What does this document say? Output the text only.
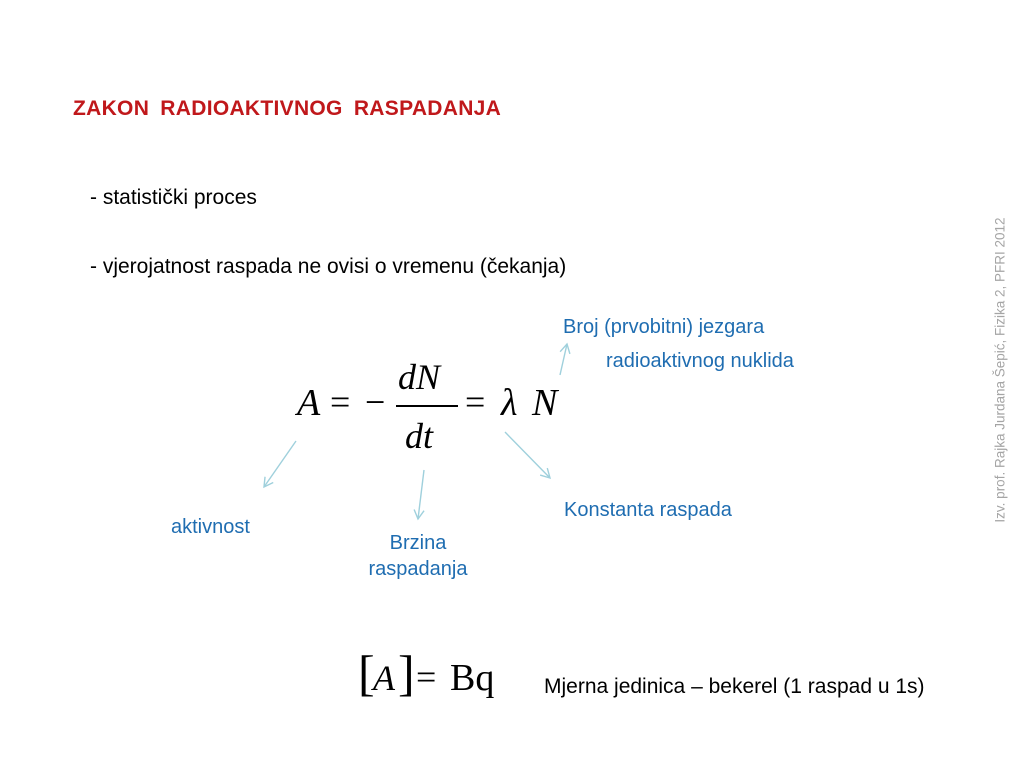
ZAKON RADIOAKTIVNOG RASPADANJA
- statistički proces
- vjerojatnost raspada ne ovisi o vremenu (čekanja)
A = −
dN
dt
= λ N
Broj (prvobitni) jezgara
radioaktivnog nuklida
Konstanta raspada
aktivnost
Brzina
raspadanja
[
A ] = Bq Mjerna jedinica – bekerel (1 raspad u 1s)
Izv. prof. Rajka Jurdana Šepić, Fizika 2, PFRI 2012
